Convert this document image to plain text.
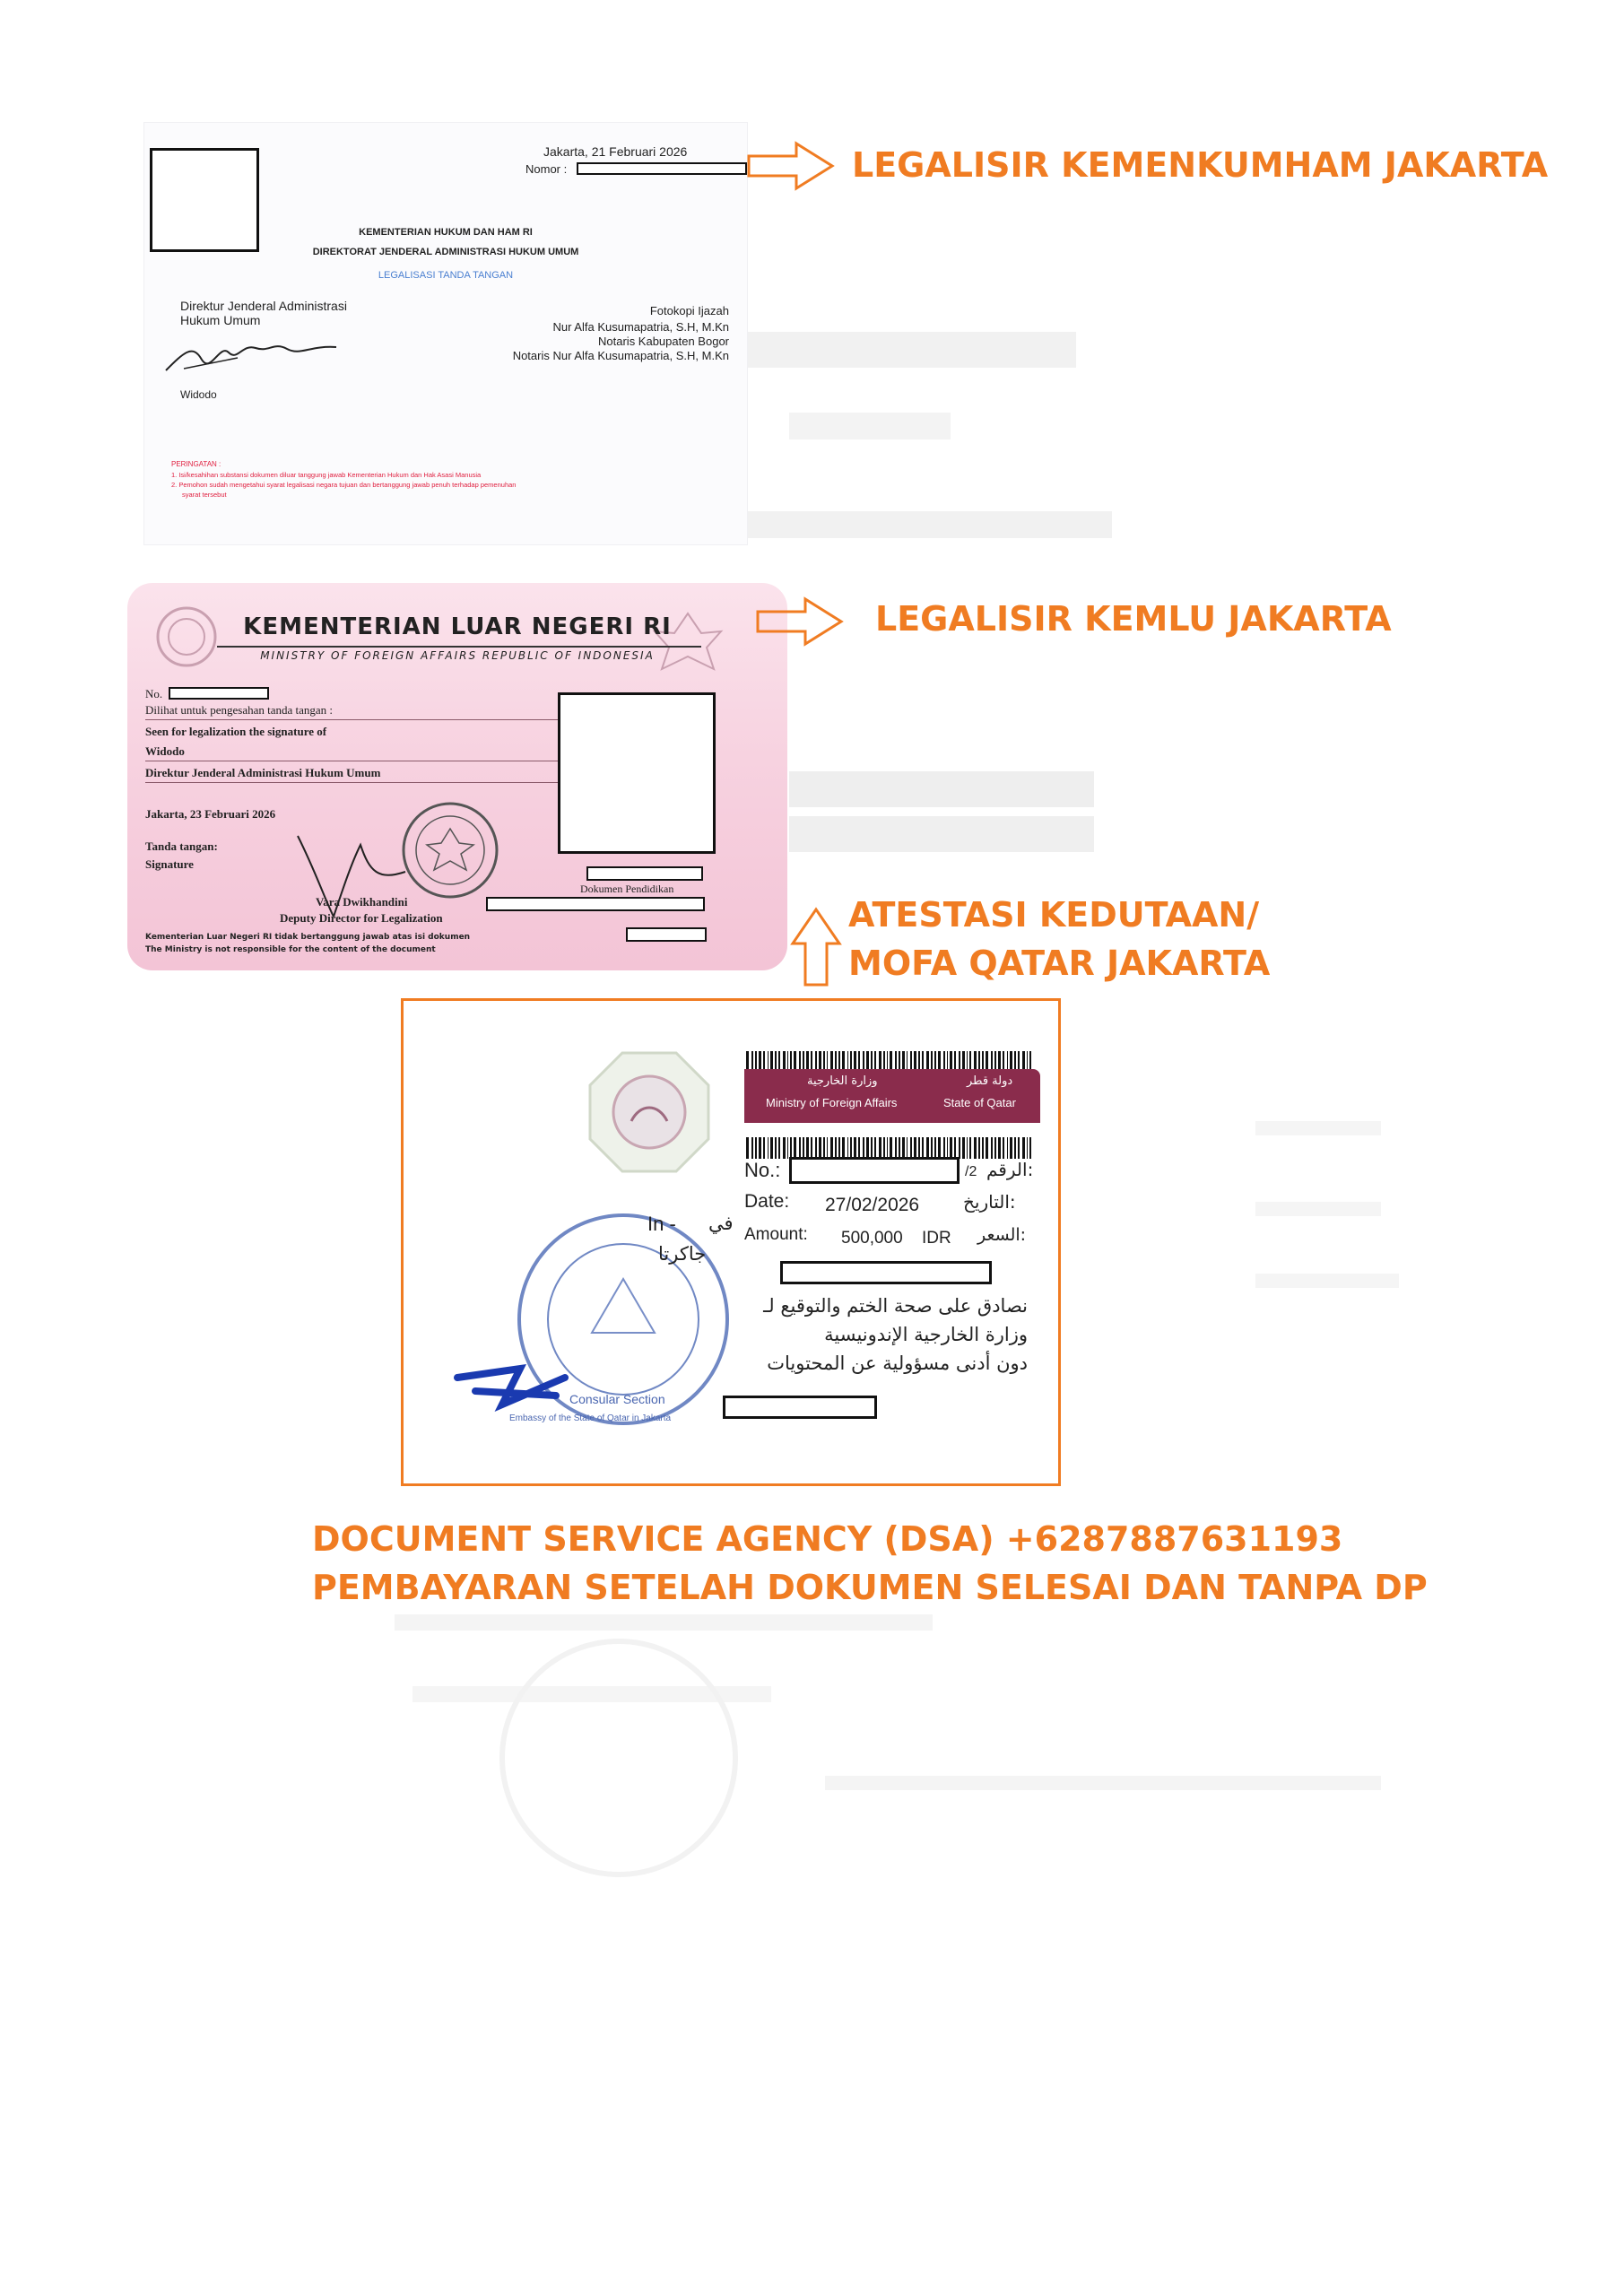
Jakarta, 21 Februari 2026
Nomor :
KEMENTERIAN HUKUM DAN HAM RI
DIREKTORAT JENDERAL ADMINISTRASI HUKUM UMUM
LEGALISASI TANDA TANGAN
Direktur Jenderal Administrasi
Hukum Umum
Fotokopi Ijazah
Nur Alfa Kusumapatria, S.H, M.Kn
Notaris Kabupaten Bogor
Notaris Nur Alfa Kusumapatria, S.H, M.Kn
Widodo
PERINGATAN :
1. Isi/kesahihan substansi dokumen diluar tanggung jawab Kementerian Hukum dan Hak Asasi Manusia
2. Pemohon sudah mengetahui syarat legalisasi negara tujuan dan bertanggung jawab penuh terhadap pemenuhan
syarat tersebut
LEGALISIR KEMENKUMHAM JAKARTA
KEMENTERIAN LUAR NEGERI RI
MINISTRY OF FOREIGN AFFAIRS REPUBLIC OF INDONESIA
No.
Dilihat untuk pengesahan tanda tangan :
Seen for legalization the signature of
Widodo
Direktur Jenderal Administrasi Hukum Umum
Jakarta, 23 Februari 2026
Tanda tangan:
Signature
Dokumen Pendidikan
Vara Dwikhandini
Deputy Director for Legalization
Kementerian Luar Negeri RI tidak bertanggung jawab atas isi dokumen
The Ministry is not responsible for the content of the document
LEGALISIR KEMLU JAKARTA
ATESTASI KEDUTAAN/
MOFA QATAR JAKARTA
Consular Section
Embassy of the State of Qatar in Jakarta
وزارة الخارجية
Ministry of Foreign Affairs
دولة قطر
State of Qatar
No.:	/2 الرقم:
Date: 27/02/2026 التاريخ:
Amount: 500,000 IDR السعر:
نصادق على صحة الختم والتوقيع لـ
وزارة الخارجية الإندونيسية
دون أدنى مسؤولية عن المحتويات
In - في
جاكرتا
DOCUMENT SERVICE AGENCY (DSA) +6287887631193
PEMBAYARAN SETELAH DOKUMEN SELESAI DAN TANPA DP
